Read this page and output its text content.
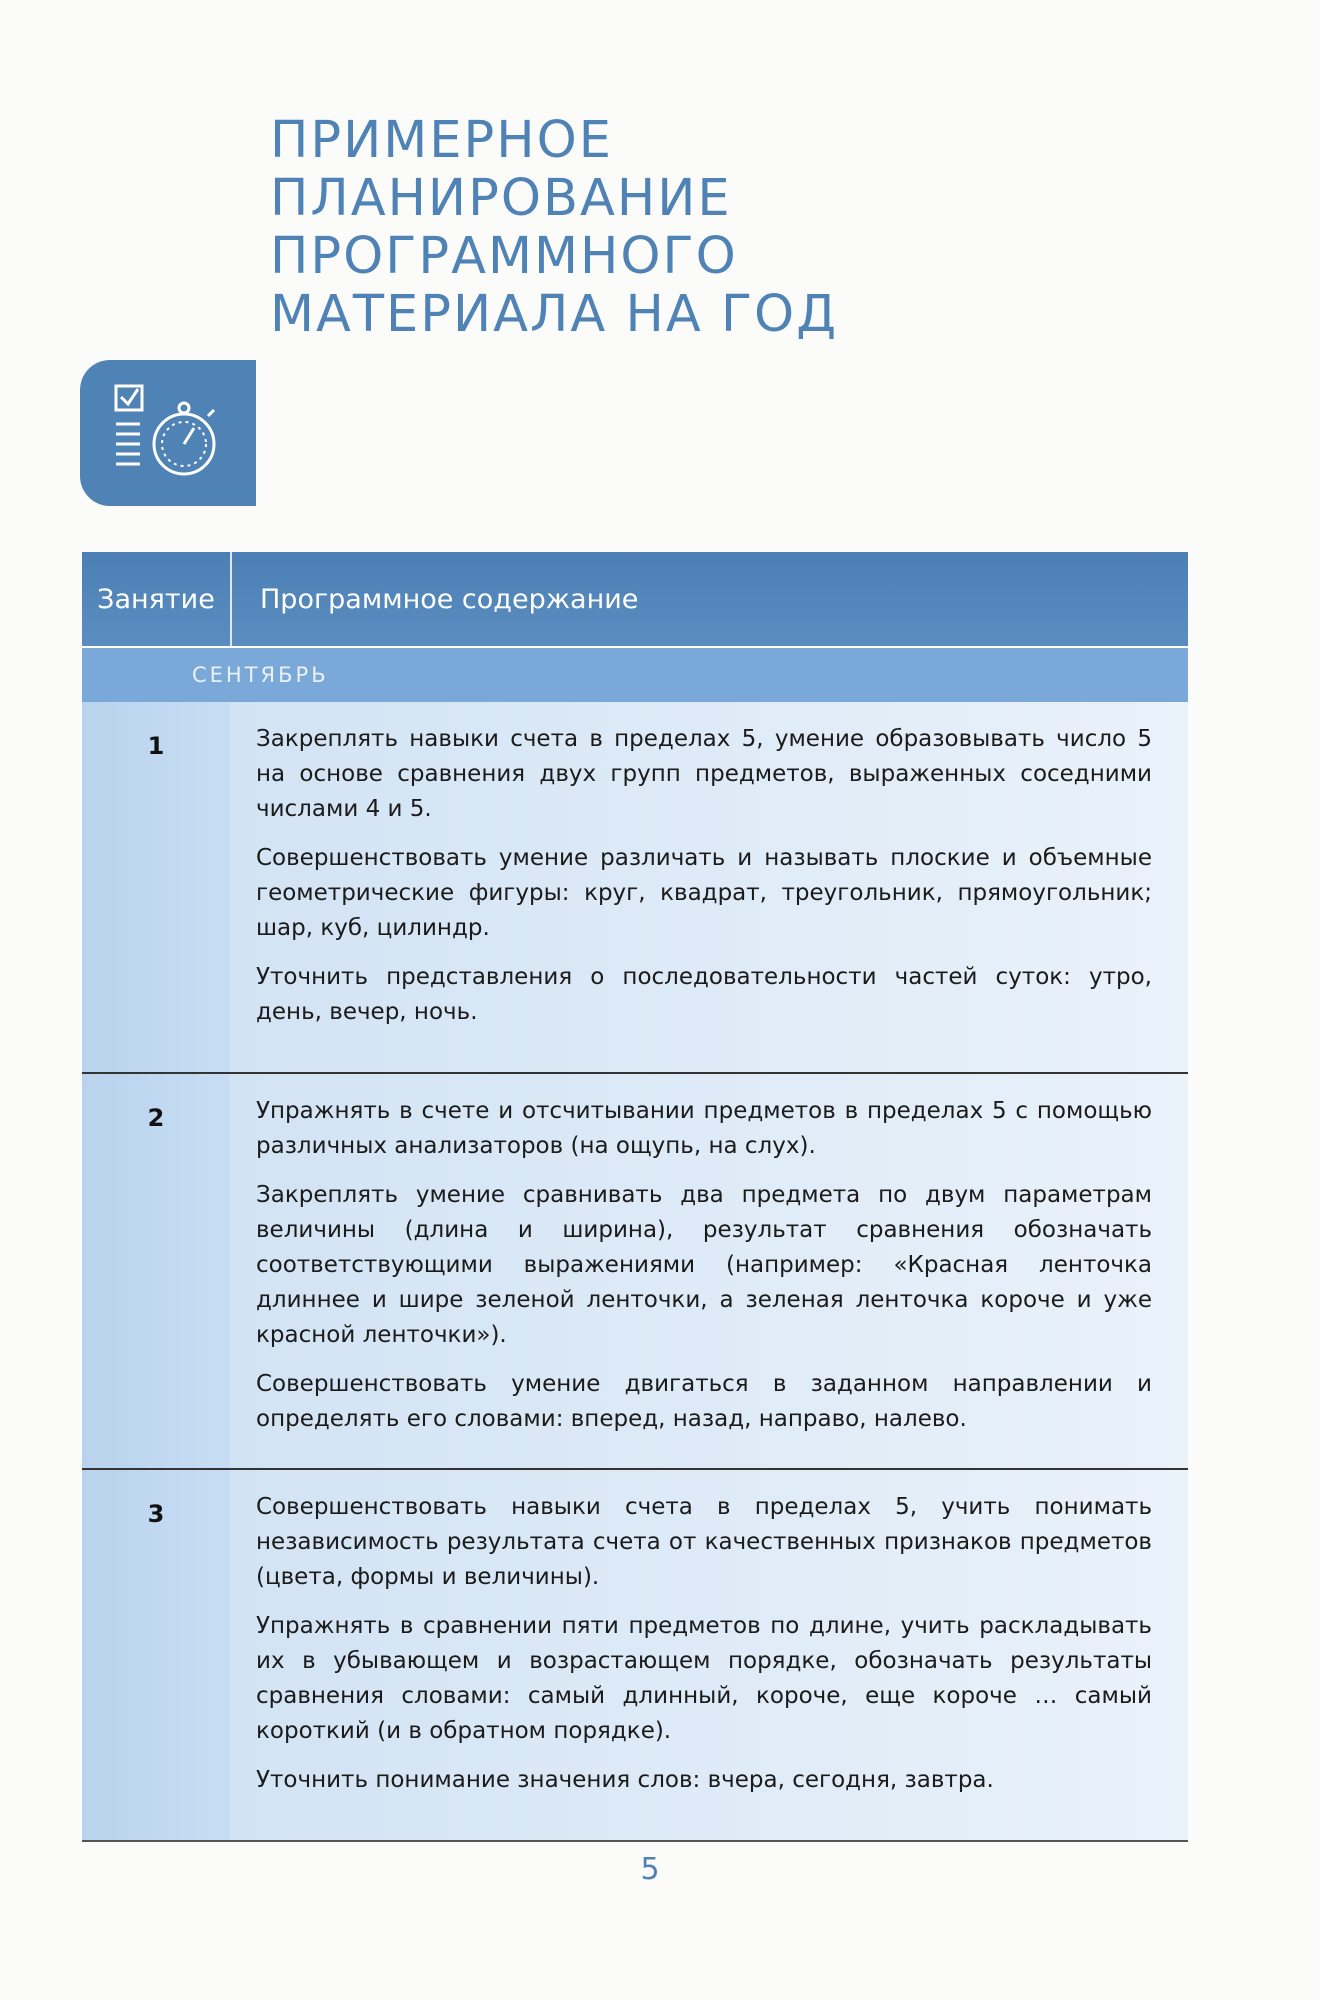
ПРИМЕРНОЕ
ПЛАНИРОВАНИЕ
ПРОГРАММНОГО
МАТЕРИАЛА НА ГОД
Занятие	Программное содержание
СЕНТЯБРЬ
1	Закреплять навыки счета в пределах 5, умение образовывать число 5 на основе сравнения двух групп предметов, выраженных соседними числами 4 и 5.

Совершенствовать умение различать и называть плоские и объемные геометрические фигуры: круг, квадрат, треугольник, прямоугольник; шар, куб, цилиндр.

Уточнить представления о последовательности частей суток: утро, день, вечер, ночь.

2	Упражнять в счете и отсчитывании предметов в пределах 5 с помощью различных анализаторов (на ощупь, на слух).

Закреплять умение сравнивать два предмета по двум параметрам величины (длина и ширина), результат сравнения обозначать соответствующими выражениями (например: «Красная ленточка длиннее и шире зеленой ленточки, а зеленая ленточка короче и уже красной ленточки»).

Совершенствовать умение двигаться в заданном направлении и определять его словами: вперед, назад, направо, налево.

3	Совершенствовать навыки счета в пределах 5, учить понимать независимость результата счета от качественных признаков предметов (цвета, формы и величины).

Упражнять в сравнении пяти предметов по длине, учить раскладывать их в убывающем и возрастающем порядке, обозначать результаты сравнения словами: самый длинный, короче, еще короче … самый короткий (и в обратном порядке).

Уточнить понимание значения слов: вчера, сегодня, завтра.

5
